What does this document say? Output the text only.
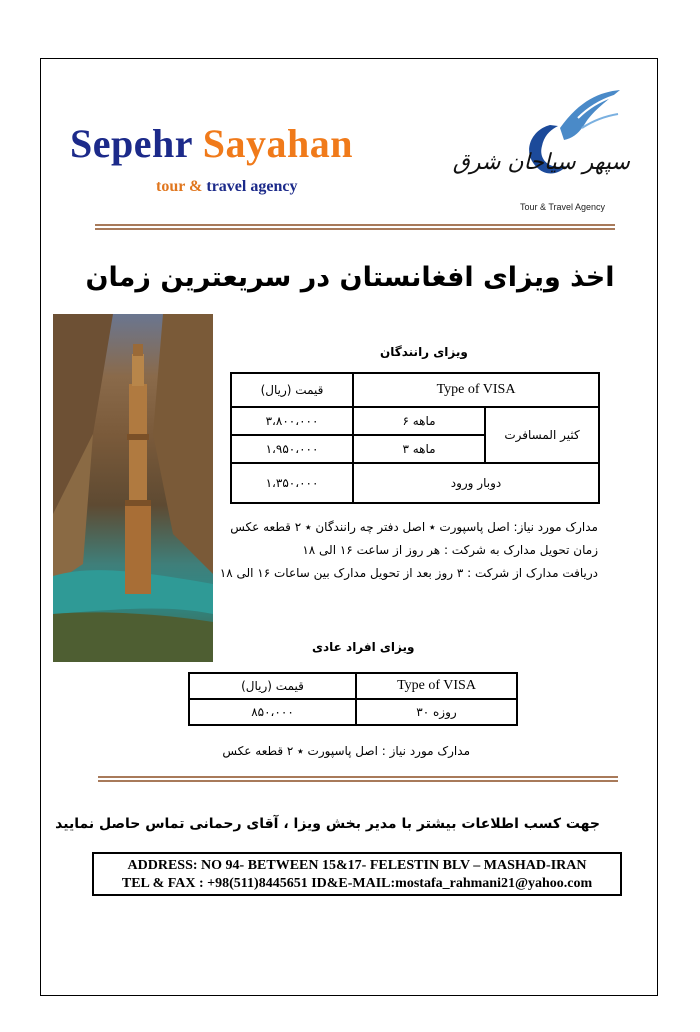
Sepehr Sayahan
tour & travel agency
سپهر سیاحان شرق
Tour & Travel Agency
اخذ ویزای افغانستان در سریعترین زمان
ویزای رانندگان
قیمت (ریال)	Type of VISA	
۳،۸۰۰،۰۰۰	۶ ماهه	کثیر المسافرت
۱،۹۵۰،۰۰۰	۳ ماهه	
۱،۳۵۰،۰۰۰	دوبار ورود	
مدارک مورد نیاز: اصل پاسپورت ٭ اصل دفتر چه رانندگان ٭ ۲ قطعه عکس
زمان تحویل مدارک به شرکت : هر روز از ساعت ۱۶ الی ۱۸
دریافت مدارک از شرکت : ۳ روز بعد از تحویل مدارک بین ساعات ۱۶ الی ۱۸
ویزای افراد عادی
قیمت (ریال)	Type of VISA
۸۵۰،۰۰۰	۳۰ روزه
مدارک مورد نیاز : اصل پاسپورت ٭ ۲ قطعه عکس
جهت کسب اطلاعات بیشتر با مدیر بخش ویزا ، آقای رحمانی تماس حاصل نمایید
ADDRESS: NO 94- BETWEEN 15&17- FELESTIN BLV – MASHAD-IRAN
TEL & FAX : +98(511)8445651 ID&E-MAIL:mostafa_rahmani21@yahoo.com
